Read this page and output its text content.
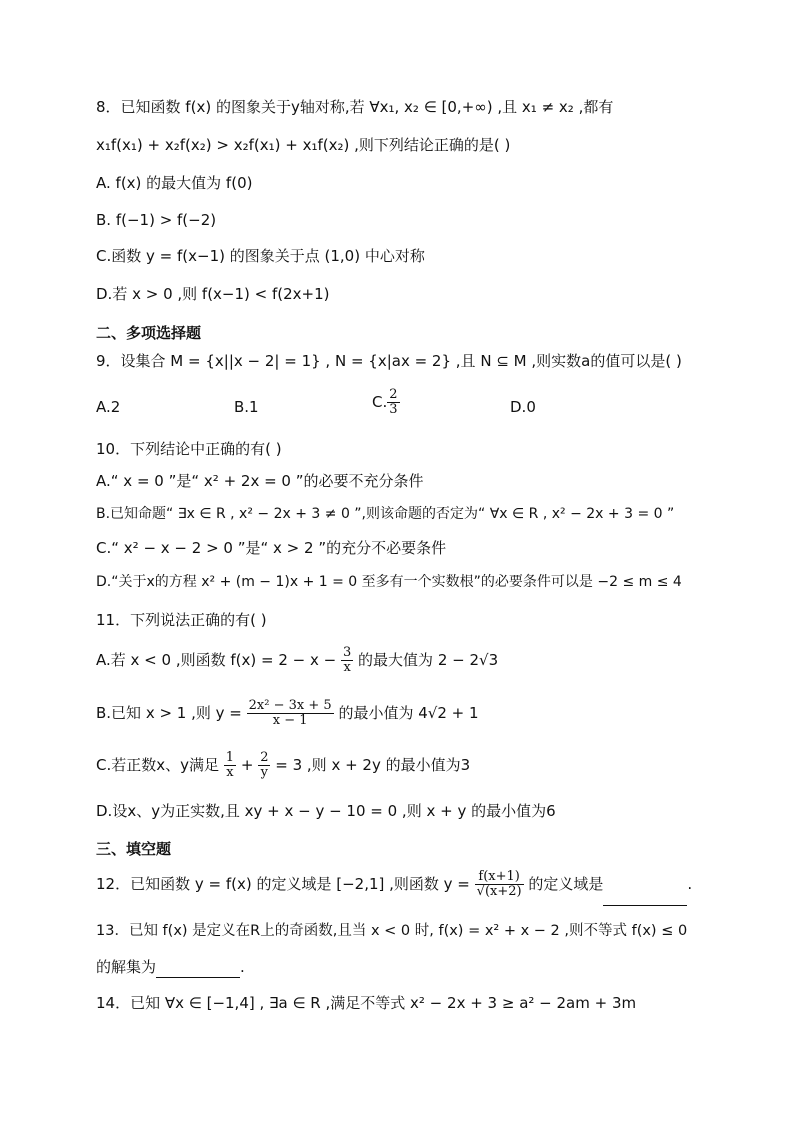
8．已知函数 f(x) 的图象关于y轴对称,若 ∀x₁, x₂ ∈ [0,+∞) ,且 x₁ ≠ x₂ ,都有
x₁f(x₁) + x₂f(x₂) > x₂f(x₁) + x₁f(x₂) ,则下列结论正确的是( )
A. f(x) 的最大值为 f(0)
B. f(−1) > f(−2)
C.函数 y = f(x−1) 的图象关于点 (1,0) 中心对称
D.若 x > 0 ,则 f(x−1) < f(2x+1)
二、多项选择题
9．设集合 M = {x||x − 2| = 1} , N = {x|ax = 2} ,且 N ⊆ M ,则实数a的值可以是( )
A.2	B.1	C. $\frac{2}{3}$	D.0
10．下列结论中正确的有( )
A.“ x = 0 ”是“ x² + 2x = 0 ”的必要不充分条件
B.已知命题“ ∃x ∈ R , x² − 2x + 3 ≠ 0 ”,则该命题的否定为“ ∀x ∈ R , x² − 2x + 3 = 0 ”
C.“ x² − x − 2 > 0 ”是“ x > 2 ”的充分不必要条件
D.“关于x的方程 x² + (m − 1)x + 1 = 0 至多有一个实数根”的必要条件可以是 −2 ≤ m ≤ 4
11．下列说法正确的有( )
A.若 x < 0 ,则函数 $f(x) = 2 - x - \frac{3}{x}$ 的最大值为 2 − 2√3
B.已知 x > 1 ,则 $y = \frac{\text{2x² − 3x + 5}}{x - 1}$ 的最小值为 4√2 + 1
C.若正数x、y满足 $\frac{1}{x} + \frac{2}{y} = 3$ ,则 x + 2y 的最小值为3
D.设x、y为正实数,且 xy + x − y − 10 = 0 ,则 x + y 的最小值为6
三、填空题
12．已知函数 y = f(x) 的定义域是 [−2,1] ,则函数 $y = \frac{f(x+1)}{√(x+2)}$ 的定义域是	.
13．已知 f(x) 是定义在R上的奇函数,且当 x < 0 时, f(x) = x² + x − 2 ,则不等式 f(x) ≤ 0
的解集为	.
14．已知 ∀x ∈ [−1,4] , ∃a ∈ R ,满足不等式 x² − 2x + 3 ≥ a² − 2am + 3m
